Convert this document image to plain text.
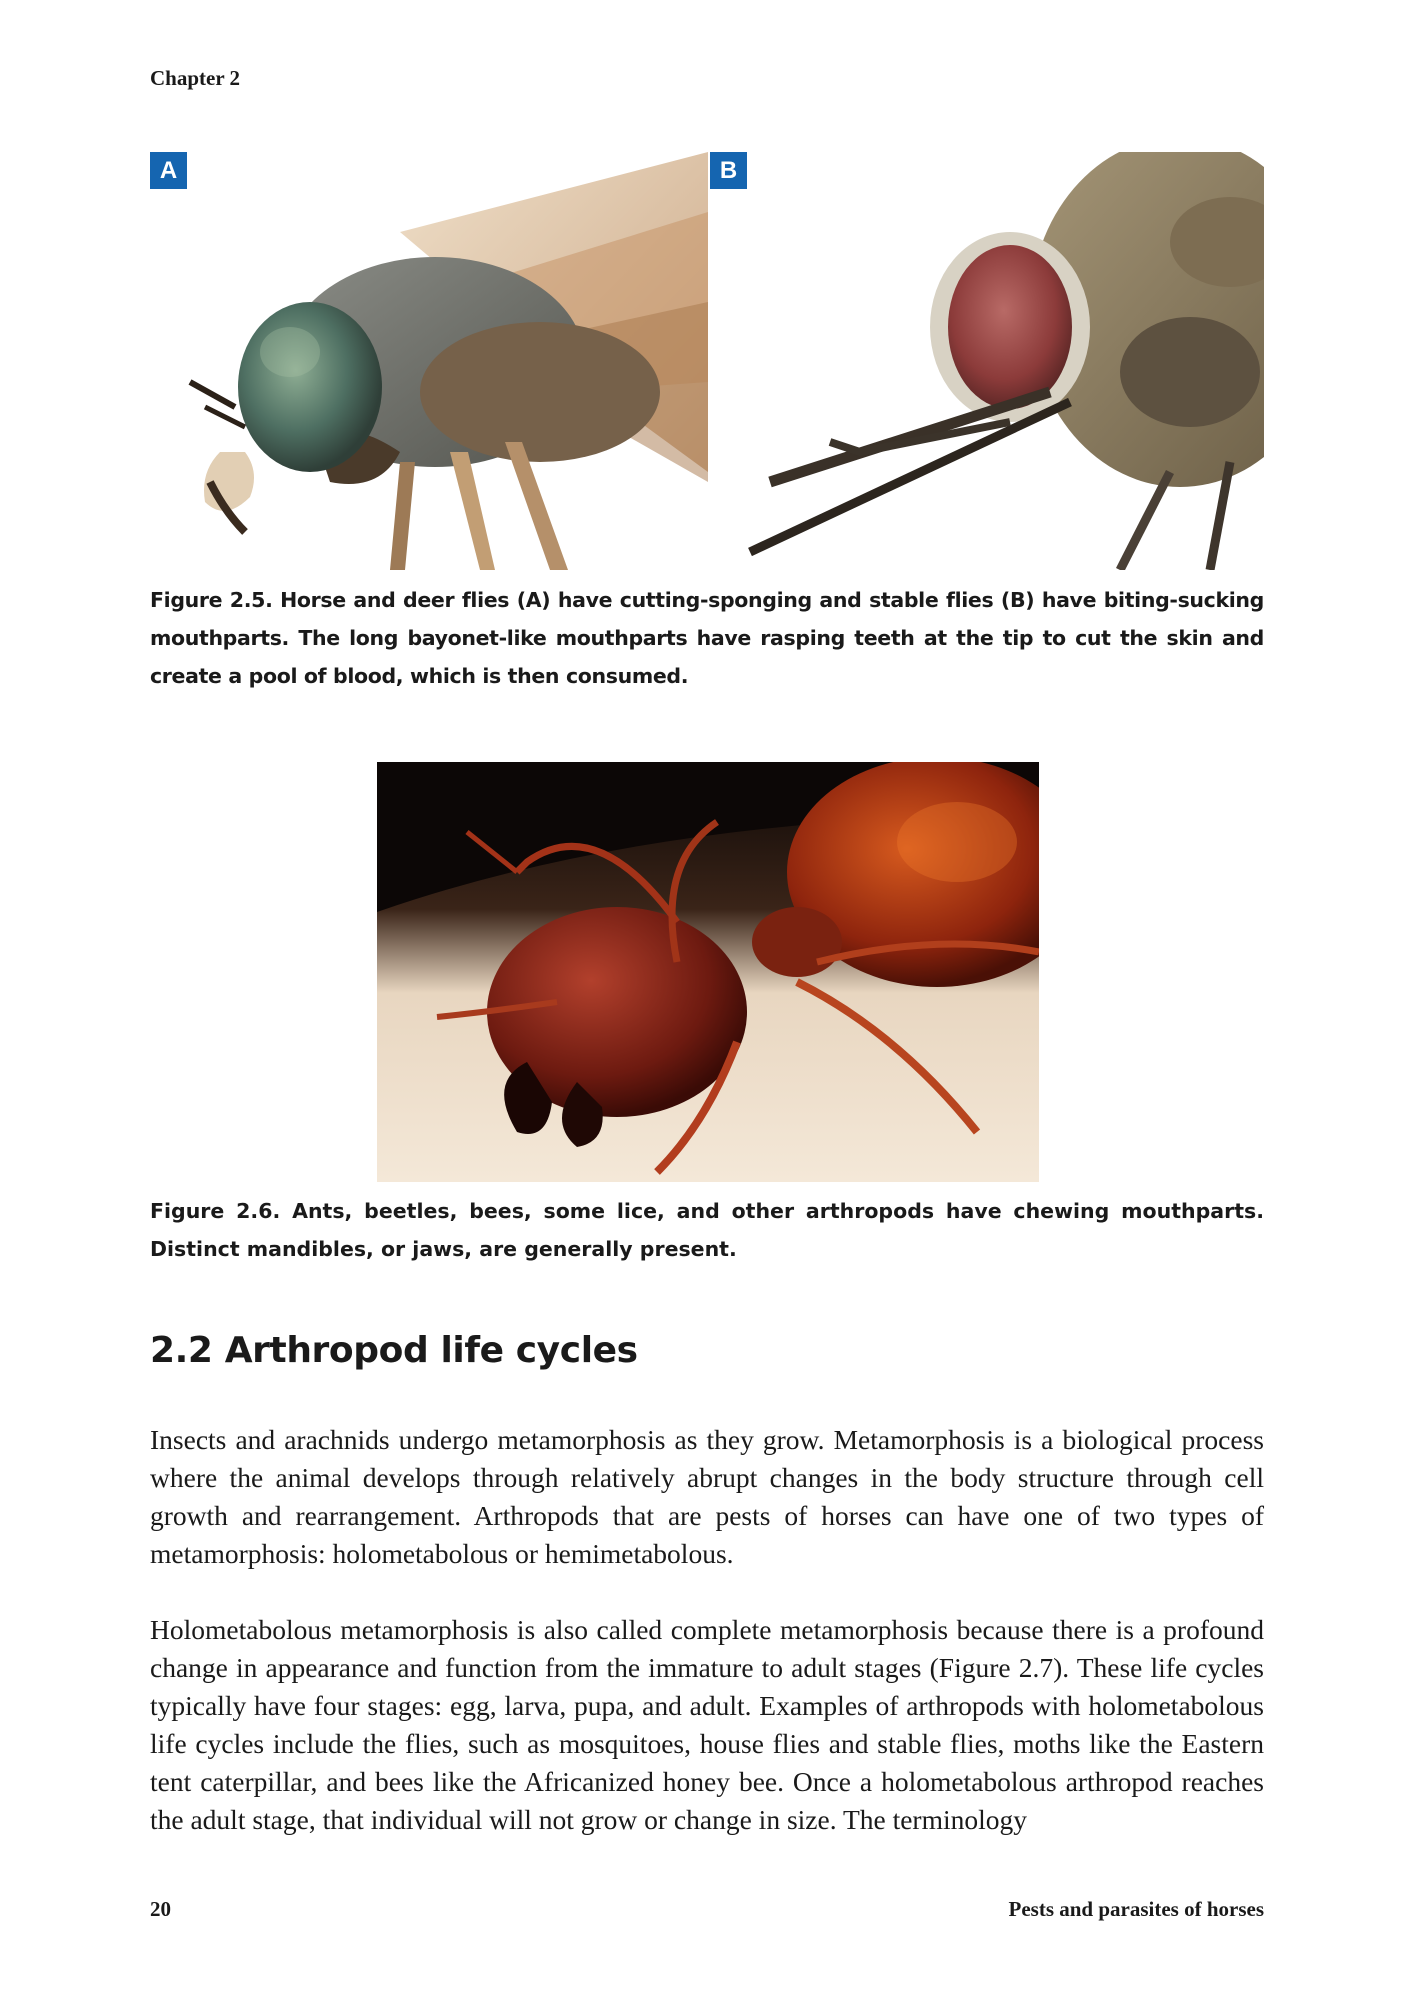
Chapter 2
A	B
Figure 2.5. Horse and deer flies (A) have cutting-sponging and stable flies (B) have biting-sucking mouthparts. The long bayonet-like mouthparts have rasping teeth at the tip to cut the skin and create a pool of blood, which is then consumed.
Figure 2.6. Ants, beetles, bees, some lice, and other arthropods have chewing mouthparts. Distinct mandibles, or jaws, are generally present.
2.2 Arthropod life cycles
Insects and arachnids undergo metamorphosis as they grow. Metamorphosis is a biological process where the animal develops through relatively abrupt changes in the body structure through cell growth and rearrangement. Arthropods that are pests of horses can have one of two types of metamorphosis: holometabolous or hemimetabolous.
Holometabolous metamorphosis is also called complete metamorphosis because there is a profound change in appearance and function from the immature to adult stages (Figure 2.7). These life cycles typically have four stages: egg, larva, pupa, and adult. Examples of arthropods with holometabolous life cycles include the flies, such as mosquitoes, house flies and stable flies, moths like the Eastern tent caterpillar, and bees like the Africanized honey bee. Once a holometabolous arthropod reaches the adult stage, that individual will not grow or change in size. The terminology
20	Pests and parasites of horses
